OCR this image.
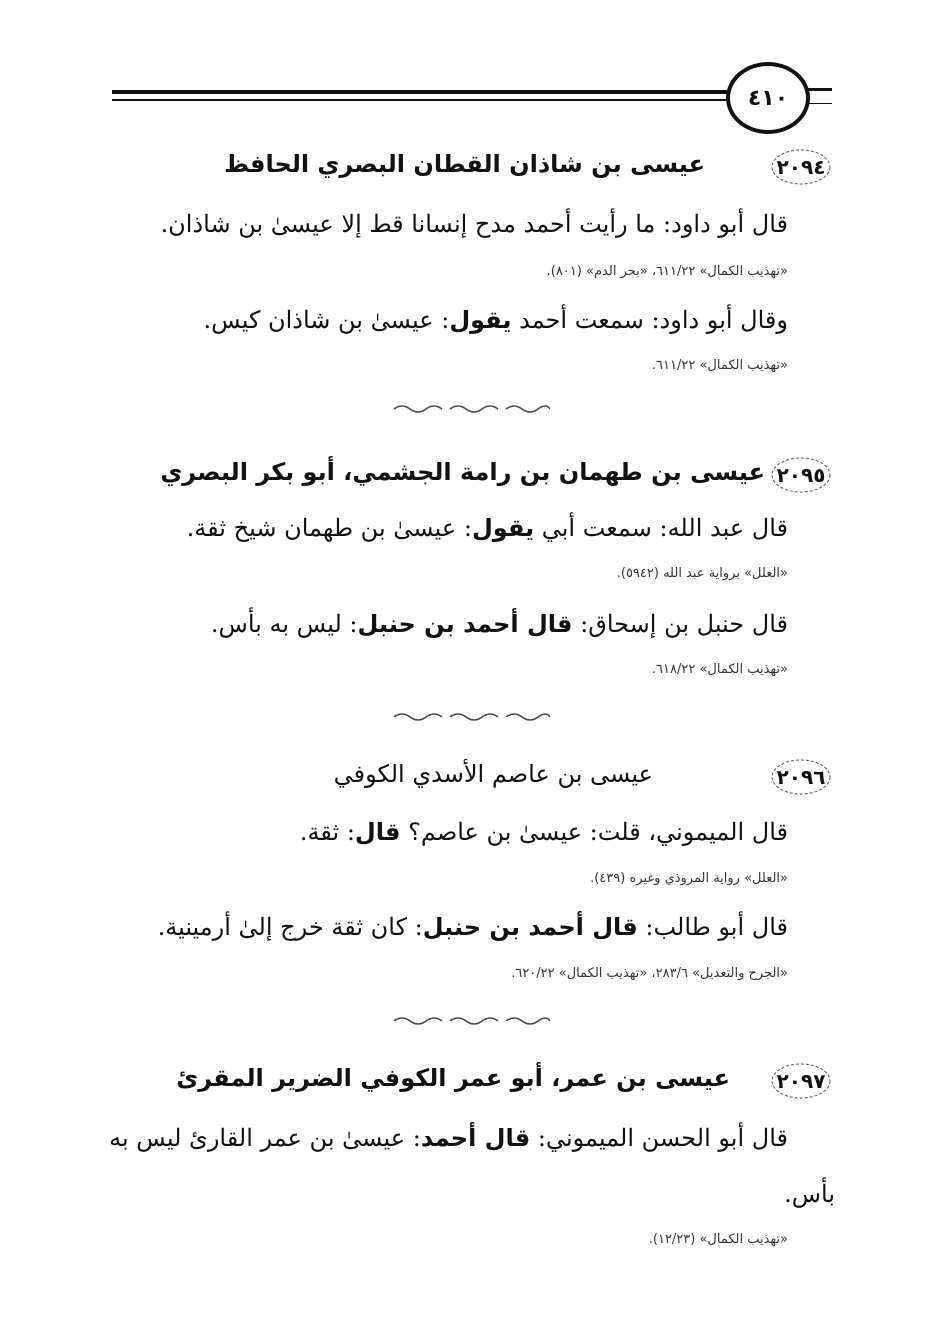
٤١٠
٢٠٩٤
عيسى بن شاذان القطان البصري الحافظ
قال أبو داود: ما رأيت أحمد مدح إنسانا قط إلا عيسىٰ بن شاذان.
«تهذيب الكمال» ٦١١/٢٢، «بحر الدم» (٨٠١).
وقال أبو داود: سمعت أحمد يقول: عيسىٰ بن شاذان كيس.
«تهذيب الكمال» ٦١١/٢٢.
٢٠٩٥
عيسى بن طهمان بن رامة الجشمي، أبو بكر البصري
قال عبد الله: سمعت أبي يقول: عيسىٰ بن طهمان شيخ ثقة.
«العلل» برواية عبد الله (٥٩٤٢).
قال حنبل بن إسحاق: قال أحمد بن حنبل: ليس به بأس.
«تهذيب الكمال» ٦١٨/٢٢.
٢٠٩٦
عيسى بن عاصم الأسدي الكوفي
قال الميموني، قلت: عيسىٰ بن عاصم؟ قال: ثقة.
«العلل» رواية المروذي وغيره (٤٣٩).
قال أبو طالب: قال أحمد بن حنبل: كان ثقة خرج إلىٰ أرمينية.
«الجرح والتعديل» ٢٨٣/٦، «تهذيب الكمال» ٦٢٠/٢٢.
٢٠٩٧
عيسى بن عمر، أبو عمر الكوفي الضرير المقرئ
قال أبو الحسن الميموني: قال أحمد: عيسىٰ بن عمر القارئ ليس به
بأس.
«تهذيب الكمال» (١٢/٢٣).
